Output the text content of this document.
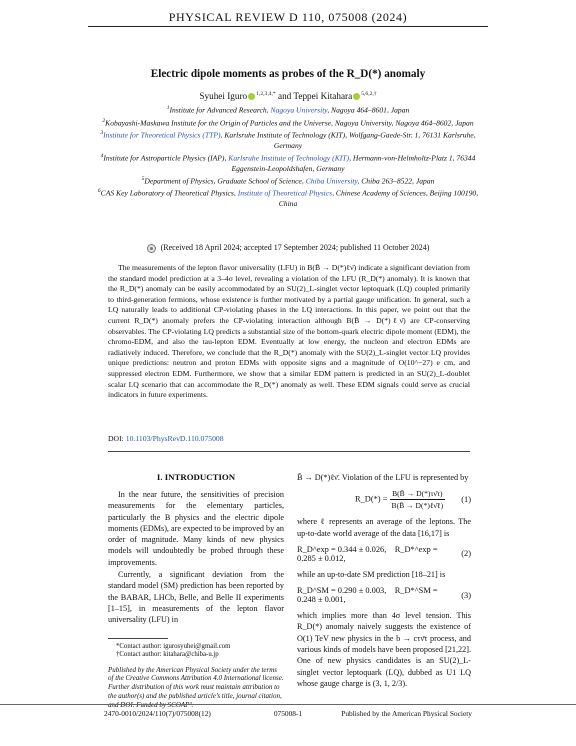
PHYSICAL REVIEW D 110, 075008 (2024)
Electric dipole moments as probes of the R_D(*) anomaly
Syuhei Iguro $^{1,2,3,4,*}$ and Teppei Kitahara $^{5,6,2,\dagger}$
$^1$Institute for Advanced Research, Nagoya University, Nagoya 464–8601, Japan
$^2$Kobayashi-Maskawa Institute for the Origin of Particles and the Universe, Nagoya University, Nagoya 464–8602, Japan
$^3$Institute for Theoretical Physics (TTP), Karlsruhe Institute of Technology (KIT), Wolfgang-Gaede-Str. 1, 76131 Karlsruhe, Germany
$^4$Institute for Astroparticle Physics (IAP), Karlsruhe Institute of Technology (KIT), Hermann-von-Helmholtz-Platz 1, 76344 Eggenstein-Leopoldshafen, Germany
$^5$Department of Physics, Graduate School of Science, Chiba University, Chiba 263–8522, Japan
$^6$CAS Key Laboratory of Theoretical Physics, Institute of Theoretical Physics, Chinese Academy of Sciences, Beijing 100190, China
(Received 18 April 2024; accepted 17 September 2024; published 11 October 2024)
The measurements of the lepton flavor universality (LFU) in B(B̄ → D(*)ℓν̄) indicate a significant deviation from the standard model prediction at a 3–4σ level, revealing a violation of the LFU (R_D(*) anomaly). It is known that the R_D(*) anomaly can be easily accommodated by an SU(2)_L-singlet vector leptoquark (LQ) coupled primarily to third-generation fermions, whose existence is further motivated by a partial gauge unification. In general, such a LQ naturally leads to additional CP-violating phases in the LQ interactions. In this paper, we point out that the current R_D(*) anomaly prefers the CP-violating interaction although B(B̄ → D(*)ℓν̄) are CP-conserving observables. The CP-violating LQ predicts a substantial size of the bottom-quark electric dipole moment (EDM), the chromo-EDM, and also the tau-lepton EDM. Eventually at low energy, the nucleon and electron EDMs are radiatively induced. Therefore, we conclude that the R_D(*) anomaly with the SU(2)_L-singlet vector LQ provides unique predictions: neutron and proton EDMs with opposite signs and a magnitude of O(10^−27) e cm, and suppressed electron EDM. Furthermore, we show that a similar EDM pattern is predicted in an SU(2)_L-doublet scalar LQ scenario that can accommodate the R_D(*) anomaly as well. These EDM signals could serve as crucial indicators in future experiments.
DOI: 10.1103/PhysRevD.110.075008
I. INTRODUCTION

In the near future, the sensitivities of precision measurements for the elementary particles, particularly the B physics and the electric dipole moments (EDMs), are expected to be improved by an order of magnitude. Many kinds of new physics models will undoubtedly be probed through these improvements.

Currently, a significant deviation from the standard model (SM) prediction has been reported by the BABAR, LHCb, Belle, and Belle II experiments [1–15], in measurements of the lepton flavor universality (LFU) in

*Contact author: igurosyuhei@gmail.com
†Contact author: kitahara@chiba-u.jp
Published by the American Physical Society under the terms of the Creative Commons Attribution 4.0 International license. Further distribution of this work must maintain attribution to the author(s) and the published article’s title, journal citation, and DOI. Funded by SCOAP³.

B̄ → D(*)ℓν̄. Violation of the LFU is represented by

R_D(*) = $\frac{B(B̄ \to D(*)\tau\nū\tau)}{\text{B(B̄ → D(*)ℓν̄ℓ)}}$	(1)

where ℓ represents an average of the leptons. The up-to-date world average of the data [16,17] is

R_D^exp = 0.344 ± 0.026, R_D*^exp = 0.285 ± 0.012,	(2)

while an up-to-date SM prediction [18–21] is

R_D^SM = 0.290 ± 0.003, R_D*^SM = 0.248 ± 0.001,	(3)

which implies more than 4σ level tension. This R_D(*) anomaly naively suggests the existence of O(1) TeV new physics in the b → cτν̄τ process, and various kinds of models have been proposed [21,22]. One of new physics candidates is an SU(2)_L-singlet vector leptoquark (LQ), dubbed as U1 LQ whose gauge charge is (3, 1, 2/3).

2470-0010/2024/110(7)/075008(12)	075008-1	Published by the American Physical Society
